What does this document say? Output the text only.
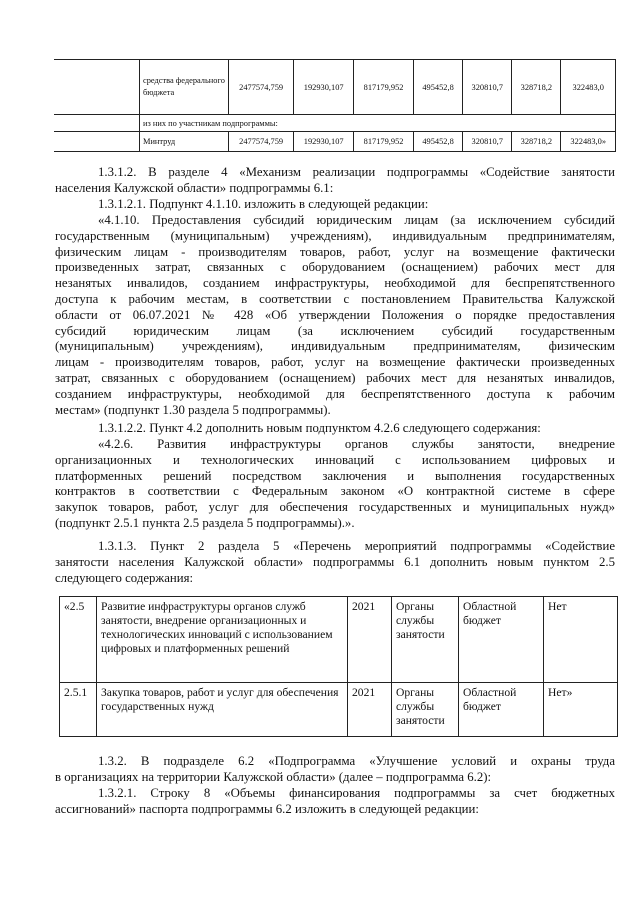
	средства федерального бюджета	2477574,759	192930,107	817179,952	495452,8	320810,7	328718,2	322483,0
	из них по участникам подпрограммы:							
	Минтруд	2477574,759	192930,107	817179,952	495452,8	320810,7	328718,2	322483,0»
1.3.1.2. В разделе 4 «Механизм реализации подпрограммы «Содействие занятости
населения Калужской области» подпрограммы 6.1:
1.3.1.2.1. Подпункт 4.1.10. изложить в следующей редакции:
«4.1.10. Предоставления субсидий юридическим лицам (за исключением субсидий
государственным (муниципальным) учреждениям), индивидуальным предпринимателям,
физическим лицам - производителям товаров, работ, услуг на возмещение фактически
произведенных затрат, связанных с оборудованием (оснащением) рабочих мест для
незанятых инвалидов, созданием инфраструктуры, необходимой для беспрепятственного
доступа к рабочим местам, в соответствии с постановлением Правительства Калужской
области от 06.07.2021 № 428 «Об утверждении Положения о порядке предоставления
субсидий юридическим лицам (за исключением субсидий государственным
(муниципальным) учреждениям), индивидуальным предпринимателям, физическим
лицам - производителям товаров, работ, услуг на возмещение фактически произведенных
затрат, связанных с оборудованием (оснащением) рабочих мест для незанятых инвалидов,
созданием инфраструктуры, необходимой для беспрепятственного доступа к рабочим
местам» (подпункт 1.30 раздела 5 подпрограммы).
1.3.1.2.2. Пункт 4.2 дополнить новым подпунктом 4.2.6 следующего содержания:
«4.2.6. Развития инфраструктуры органов службы занятости, внедрение
организационных и технологических инноваций с использованием цифровых и
платформенных решений посредством заключения и выполнения государственных
контрактов в соответствии с Федеральным законом «О контрактной системе в сфере
закупок товаров, работ, услуг для обеспечения государственных и муниципальных нужд»
(подпункт 2.5.1 пункта 2.5 раздела 5 подпрограммы).».
1.3.1.3. Пункт 2 раздела 5 «Перечень мероприятий подпрограммы «Содействие
занятости населения Калужской области» подпрограммы 6.1 дополнить новым пунктом 2.5
следующего содержания:
«2.5	Развитие инфраструктуры органов служб занятости, внедрение организационных и технологических инноваций с использованием цифровых и платформенных решений	2021	Органы службы занятости	Областной бюджет	Нет
2.5.1	Закупка товаров, работ и услуг для обеспечения государственных нужд	2021	Органы службы занятости	Областной бюджет	Нет»
1.3.2. В подразделе 6.2 «Подпрограмма «Улучшение условий и охраны труда
в организациях на территории Калужской области» (далее – подпрограмма 6.2):
1.3.2.1. Строку 8 «Объемы финансирования подпрограммы за счет бюджетных
ассигнований» паспорта подпрограммы 6.2 изложить в следующей редакции:
